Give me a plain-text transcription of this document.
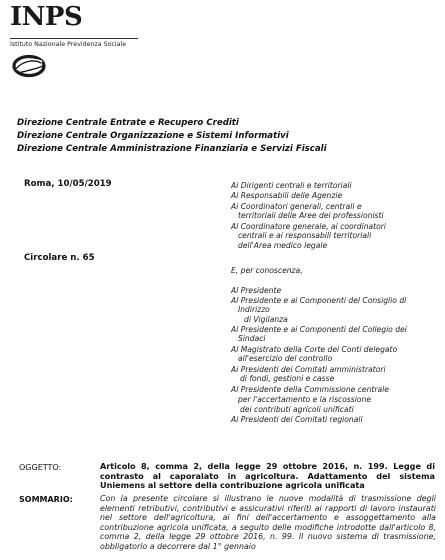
INPS
Istituto Nazionale Previdenza Sociale
Direzione Centrale Entrate e Recupero Crediti
Direzione Centrale Organizzazione e Sistemi Informativi
Direzione Centrale Amministrazione Finanziaria e Servizi Fiscali
Roma, 10/05/2019
Circolare n. 65
Ai Dirigenti centrali e territoriali
Ai Responsabili delle Agenzie
Ai Coordinatori generali, centrali e
territoriali delle Aree dei professionisti
Al Coordinatore generale, ai coordinatori
centrali e ai responsabili territoriali
dell'Area medico legale
E, per conoscenza,
Al Presidente
Al Presidente e ai Componenti del Consiglio di
Indirizzo
di Vigilanza
Al Presidente e ai Componenti del Collegio dei
Sindaci
Al Magistrato della Corte dei Conti delegato
all'esercizio del controllo
Ai Presidenti dei Comitati amministratori
di fondi, gestioni e casse
Al Presidente della Commissione centrale
per l'accertamento e la riscossione
dei contributi agricoli unificati
Ai Presidenti dei Comitati regionali
OGGETTO:	Articolo 8, comma 2, della legge 29 ottobre 2016, n. 199. Legge di contrasto al caporalato in agricoltura. Adattamento del sistema Uniemens al settore della contribuzione agricola unificata
SOMMARIO:	Con la presente circolare si illustrano le nuove modalità di trasmissione degli elementi retributivi, contributivi e assicurativi riferiti ai rapporti di lavoro instaurati nel settore dell'agricoltura, ai fini dell'accertamento e assoggettamento alla contribuzione agricola unificata, a seguito delle modifiche introdotte dall'articolo 8, comma 2, della legge 29 ottobre 2016, n. 99. Il nuovo sistema di trasmissione, obbligatorio a decorrere dal 1° gennaio
